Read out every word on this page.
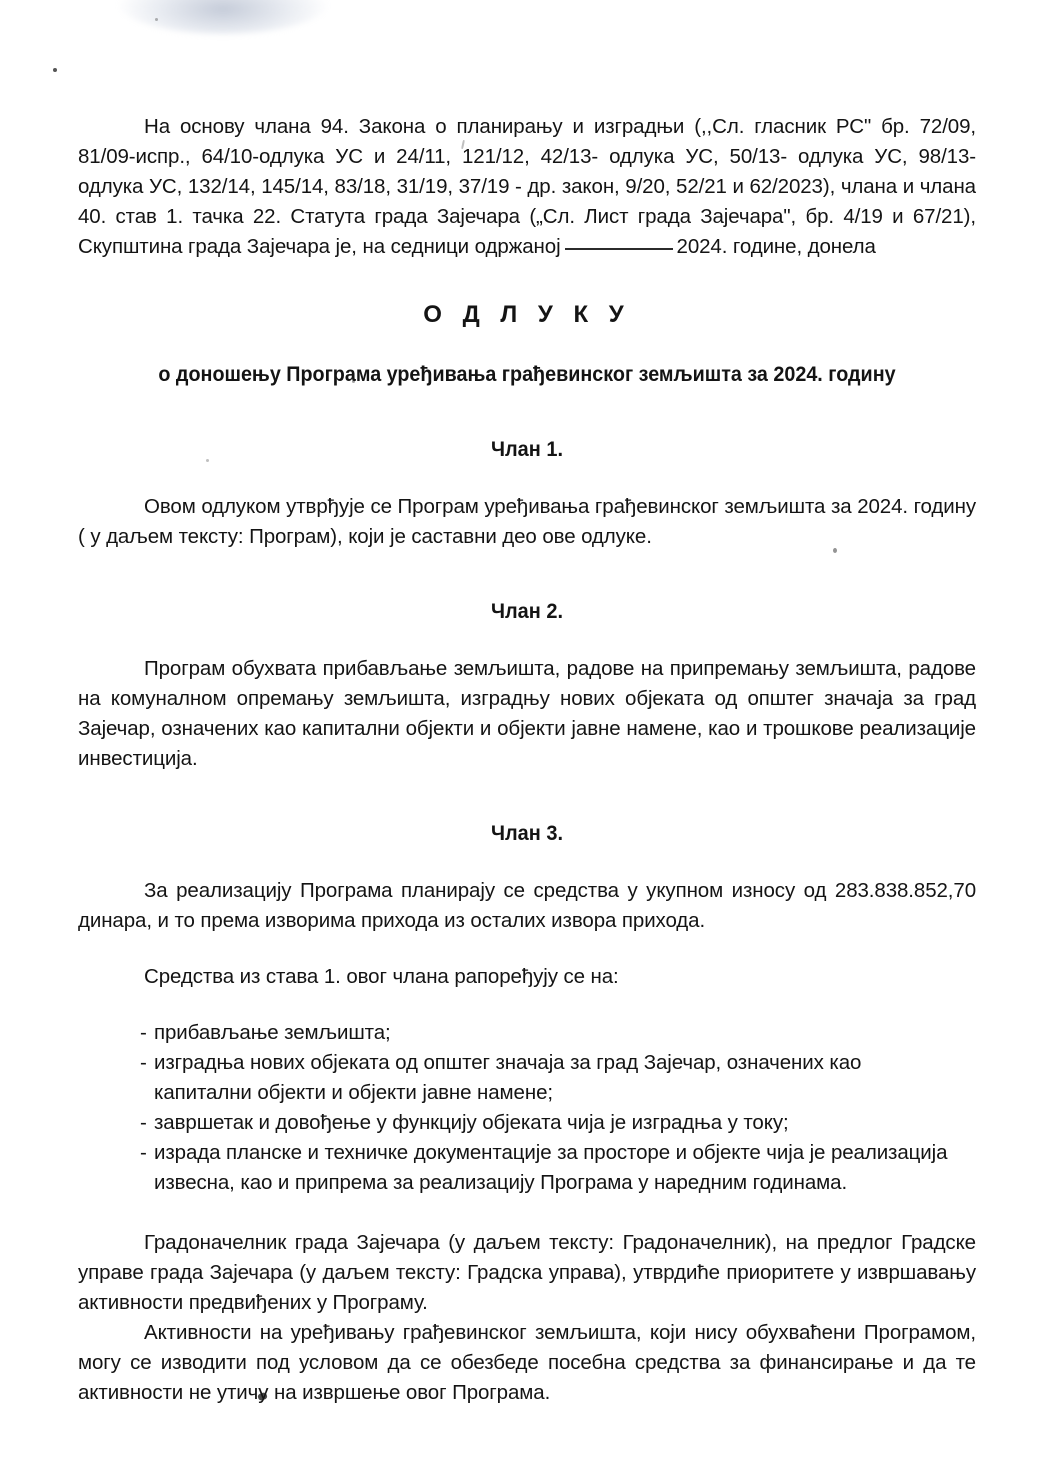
На основу члана 94. Закона о планирању и изградњи (,,Сл. гласник РС" бр. 72/09, 81/09-испр., 64/10-одлука УС и 24/11, 121/12, 42/13- одлука УС, 50/13- одлука УС, 98/13- одлука УС, 132/14, 145/14, 83/18, 31/19, 37/19 - др. закон, 9/20, 52/21 и 62/2023), члана и члана 40. став 1. тачка 22. Статута града Зајечара („Сл. Лист града Зајечара", бр. 4/19 и 67/21), Скупштина града Зајечара је, на седници одржаној	2024. године, донела

О Д Л У К У
о доношењу Програма уређивања грађевинског земљишта за 2024. годину
Члан 1.

Овом одлуком утврђује се Програм уређивања грађевинског земљишта за 2024. годину ( у даљем тексту: Програм), који је саставни део ове одлуке.

Члан 2.

Програм обухвата прибављање земљишта, радове на припремању земљишта, радове на комуналном опремању земљишта, изградњу нових објеката од општег значаја за град Зајечар, означених као капитални објекти и објекти јавне намене, као и трошкове реализације инвестиција.

Члан 3.

За реализацију Програма планирају се средства у укупном износу од 283.838.852,70 динара, и то према изворима прихода из осталих извора прихода.

Средства из става 1. овог члана рапоређују се на:

- прибављање земљишта;
- изградња нових објеката од општег значаја за град Зајечар, означених као капитални објекти и објекти јавне намене;
- завршетак и довођење у функцију објеката чија је изградња у току;
- израда планске и техничке документације за просторе и објекте чија је реализација извесна, као и припрема за реализацију Програма у наредним годинама.

Градоначелник града Зајечара (у даљем тексту: Градоначелник), на предлог Градске управе града Зајечара (у даљем тексту: Градска управа), утврдиће приоритете у извршавању активности предвиђених у Програму.

Активности на уређивању грађевинског земљишта, који нису обухваћени Програмом, могу се изводити под условом да се обезбеде посебна средства за финансирање и да те активности не утичу на извршење овог Програма.
